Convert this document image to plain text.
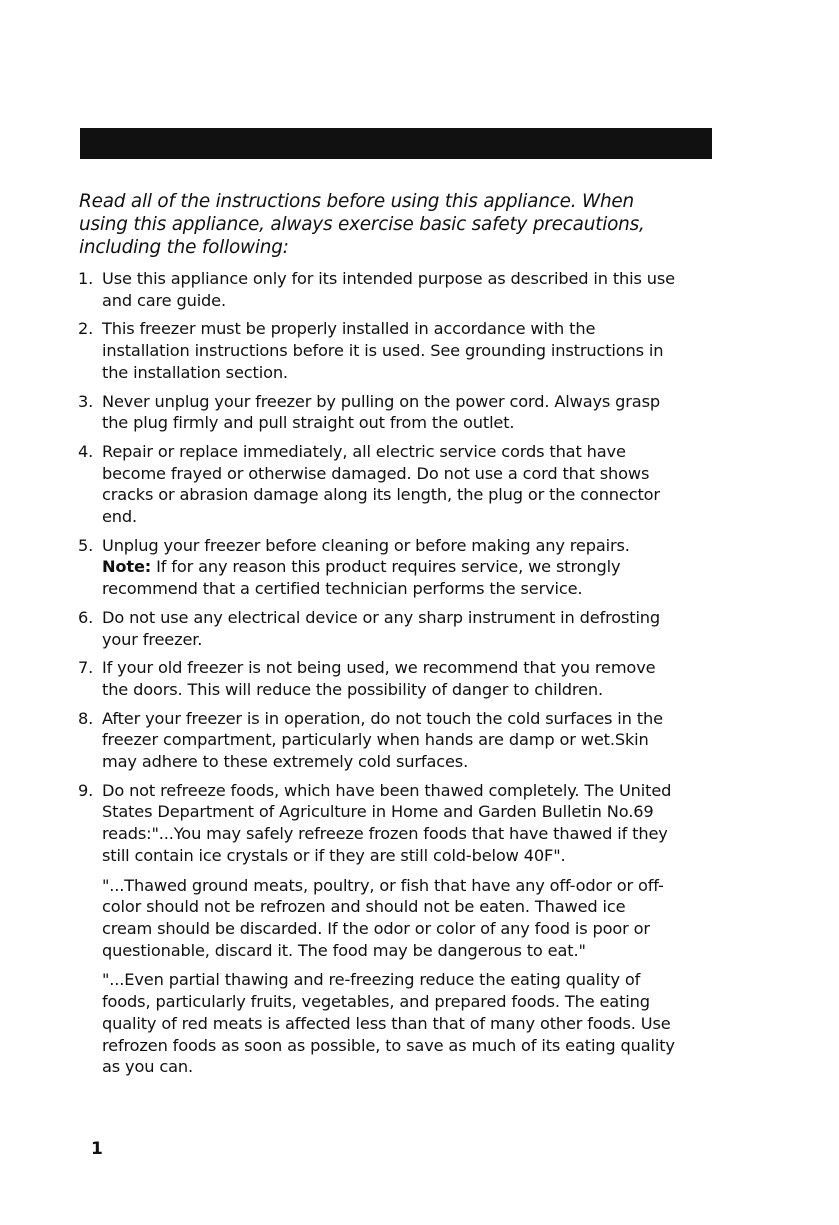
Read all of the instructions before using this appliance. When using this appliance, always exercise basic safety precautions, including the following:
1. Use this appliance only for its intended purpose as described in this use and care guide.
2. This freezer must be properly installed in accordance with the installation instructions before it is used. See grounding instructions in the installation section.
3. Never unplug your freezer by pulling on the power cord. Always grasp the plug firmly and pull straight out from the outlet.
4. Repair or replace immediately, all electric service cords that have become frayed or otherwise damaged. Do not use a cord that shows cracks or abrasion damage along its length, the plug or the connector end.
5. Unplug your freezer before cleaning or before making any repairs. Note: If for any reason this product requires service, we strongly recommend that a certified technician performs the service.
6. Do not use any electrical device or any sharp instrument in defrosting your freezer.
7. If your old freezer is not being used, we recommend that you remove the doors. This will reduce the possibility of danger to children.
8. After your freezer is in operation, do not touch the cold surfaces in the freezer compartment, particularly when hands are damp or wet.Skin may adhere to these extremely cold surfaces.
9. Do not refreeze foods, which have been thawed completely. The United States Department of Agriculture in Home and Garden Bulletin No.69 reads:"...You may safely refreeze frozen foods that have thawed if they still contain ice crystals or if they are still cold-below 40F".

"...Thawed ground meats, poultry, or fish that have any off-odor or off-color should not be refrozen and should not be eaten. Thawed ice cream should be discarded. If the odor or color of any food is poor or questionable, discard it. The food may be dangerous to eat."

"...Even partial thawing and re-freezing reduce the eating quality of foods, particularly fruits, vegetables, and prepared foods. The eating quality of red meats is affected less than that of many other foods. Use refrozen foods as soon as possible, to save as much of its eating quality as you can.

1
